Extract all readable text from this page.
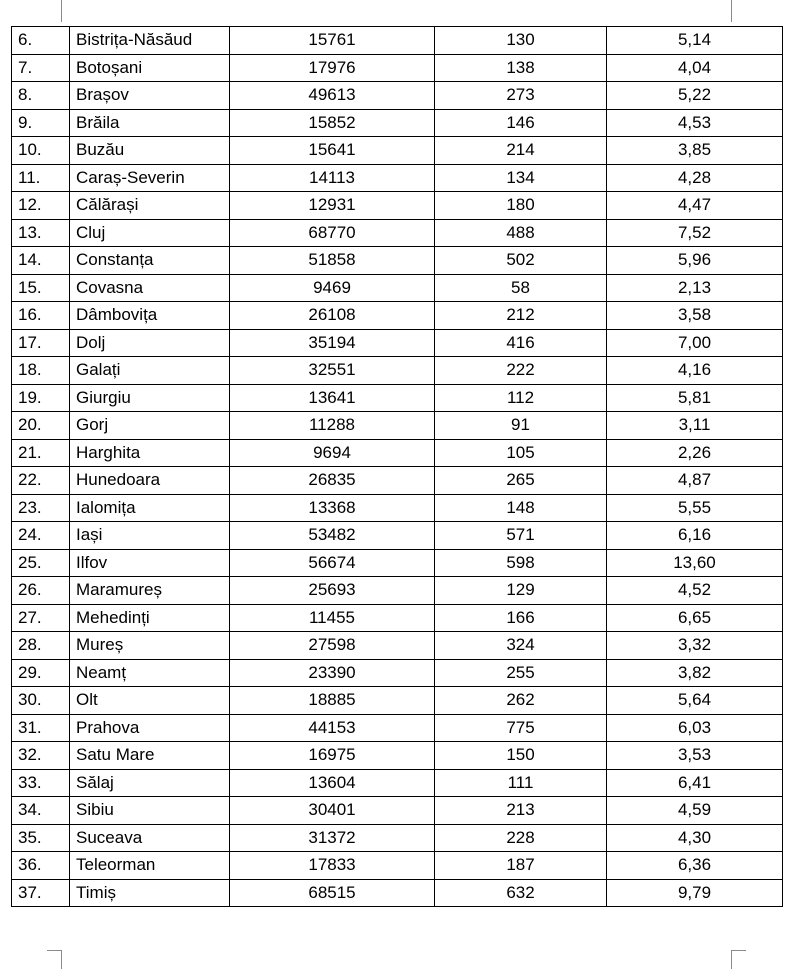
6.	Bistrița-Năsăud	15761	130	5,14
7.	Botoșani	17976	138	4,04
8.	Brașov	49613	273	5,22
9.	Brăila	15852	146	4,53
10.	Buzău	15641	214	3,85
11.	Caraș-Severin	14113	134	4,28
12.	Călărași	12931	180	4,47
13.	Cluj	68770	488	7,52
14.	Constanța	51858	502	5,96
15.	Covasna	9469	58	2,13
16.	Dâmbovița	26108	212	3,58
17.	Dolj	35194	416	7,00
18.	Galați	32551	222	4,16
19.	Giurgiu	13641	112	5,81
20.	Gorj	11288	91	3,11
21.	Harghita	9694	105	2,26
22.	Hunedoara	26835	265	4,87
23.	Ialomița	13368	148	5,55
24.	Iași	53482	571	6,16
25.	Ilfov	56674	598	13,60
26.	Maramureș	25693	129	4,52
27.	Mehedinți	11455	166	6,65
28.	Mureș	27598	324	3,32
29.	Neamț	23390	255	3,82
30.	Olt	18885	262	5,64
31.	Prahova	44153	775	6,03
32.	Satu Mare	16975	150	3,53
33.	Sălaj	13604	111	6,41
34.	Sibiu	30401	213	4,59
35.	Suceava	31372	228	4,30
36.	Teleorman	17833	187	6,36
37.	Timiș	68515	632	9,79
